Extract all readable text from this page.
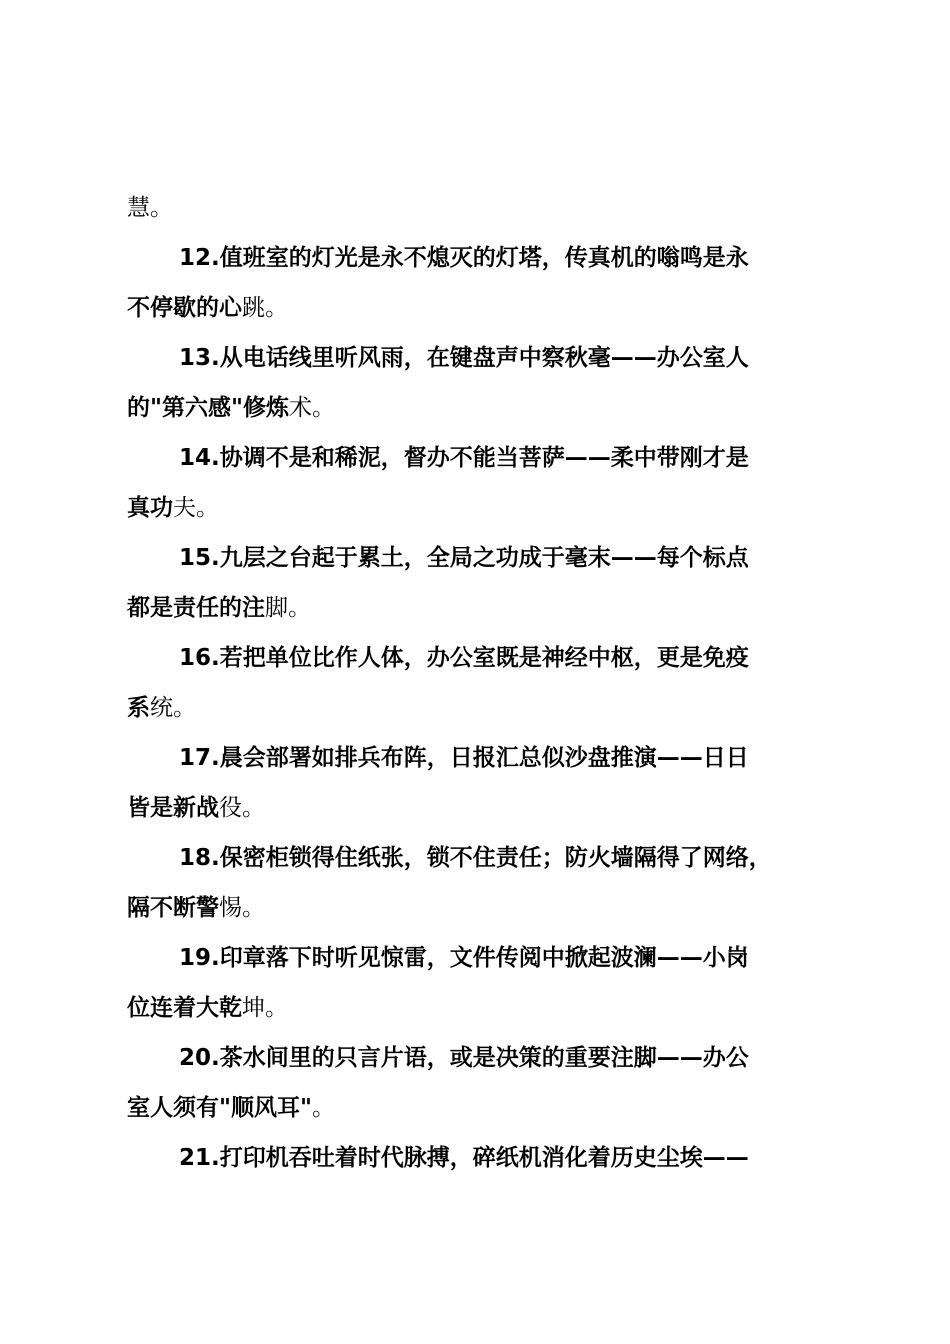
慧。
12.值班室的灯光是永不熄灭的灯塔，传真机的嗡鸣是永
不停歇的心跳。
13.从电话线里听风雨，在键盘声中察秋毫——办公室人
的"第六感"修炼术。
14.协调不是和稀泥，督办不能当菩萨——柔中带刚才是
真功夫。
15.九层之台起于累土，全局之功成于毫末——每个标点
都是责任的注脚。
16.若把单位比作人体，办公室既是神经中枢，更是免疫
系统。
17.晨会部署如排兵布阵，日报汇总似沙盘推演——日日
皆是新战役。
18.保密柜锁得住纸张，锁不住责任；防火墙隔得了网络，
隔不断警惕。
19.印章落下时听见惊雷，文件传阅中掀起波澜——小岗
位连着大乾坤。
20.茶水间里的只言片语，或是决策的重要注脚——办公
室人须有"顺风耳"。
21.打印机吞吐着时代脉搏，碎纸机消化着历史尘埃——
